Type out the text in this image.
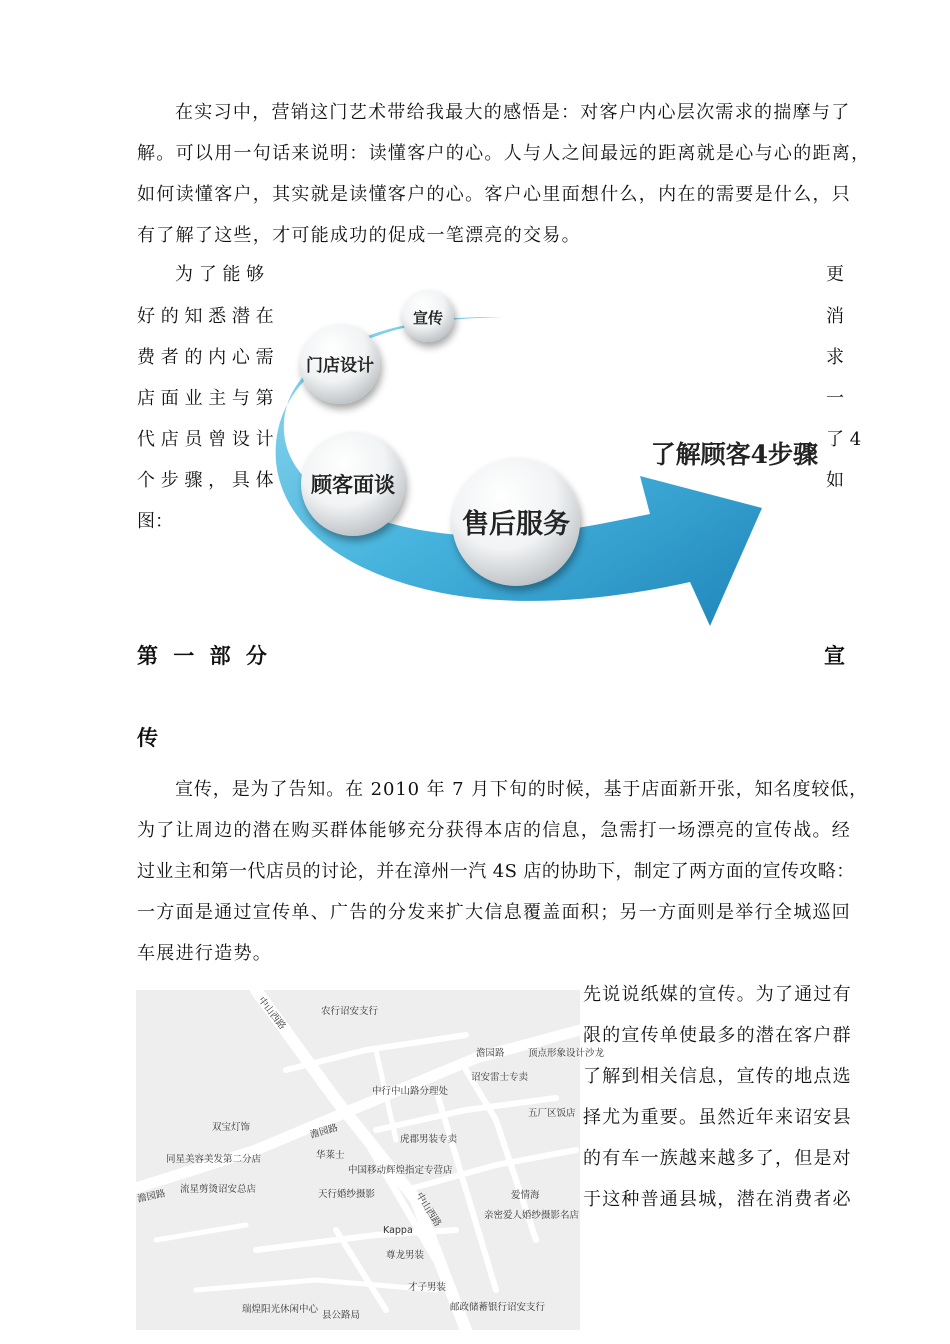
在实习中，营销这门艺术带给我最大的感悟是：对客户内心层次需求的揣摩与了
解。可以用一句话来说明：读懂客户的心。人与人之间最远的距离就是心与心的距离，
如何读懂客户，其实就是读懂客户的心。客户心里面想什么，内在的需要是什么，只
有了解了这些，才可能成功的促成一笔漂亮的交易。
为 了 能 够
好 的 知 悉 潜 在
费 者 的 内 心 需
店 面 业 主 与 第
代 店 员 曾 设 计
个 步 骤 ， 具 体
图：
更
消
求
一
了 4
如
宣传
门店设计
顾客面谈
售后服务
了解顾客4步骤
第 一 部 分	宣
传
宣传，是为了告知。在 2010 年 7 月下旬的时候，基于店面新开张，知名度较低，
为了让周边的潜在购买群体能够充分获得本店的信息，急需打一场漂亮的宣传战。经
过业主和第一代店员的讨论，并在漳州一汽 4S 店的协助下，制定了两方面的宣传攻略：
一方面是通过宣传单、广告的分发来扩大信息覆盖面积；另一方面则是举行全城巡回
车展进行造势。
先说说纸媒的宣传。为了通过有
限的宣传单使最多的潜在客户群
了解到相关信息，宣传的地点选
择尤为重要。虽然近年来诏安县
的有车一族越来越多了，但是对
于这种普通县城，潜在消费者必
中山西路
澹园路
澹园路
澹园路	中山西路
农行诏安支行
顶点形象设计沙龙
诏安雷士专卖
中行中山路分理处
五厂区饭店
双宝灯饰
虎郡男装专卖
华莱士
同星美容美发第二分店
中国移动辉煌指定专营店
流星剪烫诏安总店	天行婚纱摄影	爱情海
亲密爱人婚纱摄影名店
Kappa
尊龙男装
才子男装
邮政储蓄银行诏安支行
瑞煌阳光休闲中心
县公路局
